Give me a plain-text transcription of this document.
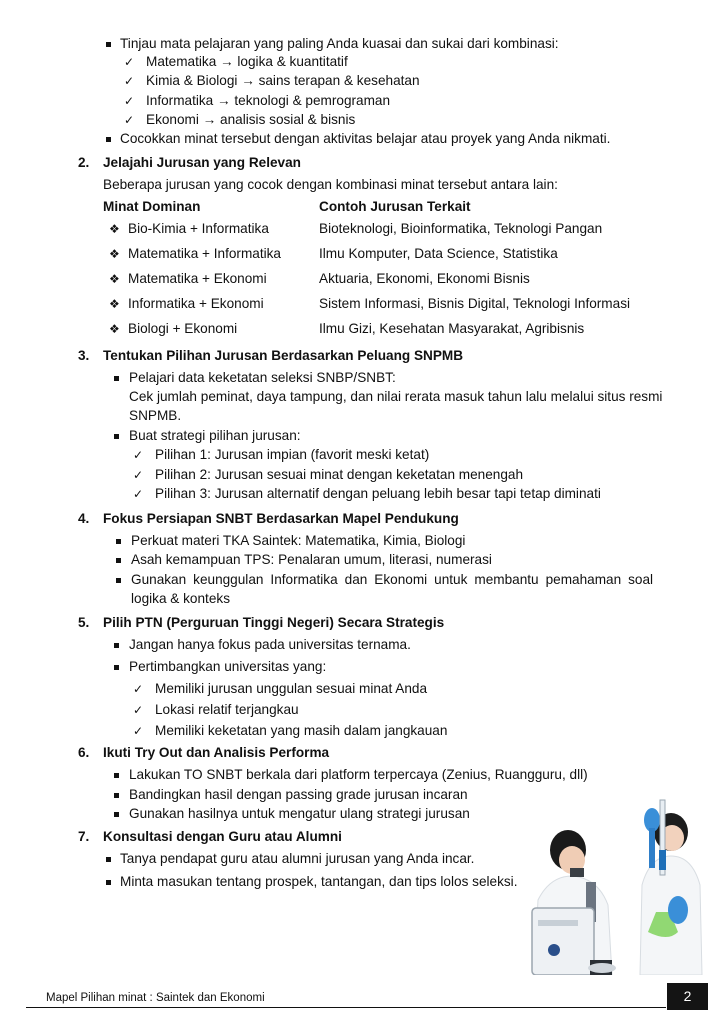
Tinjau mata pelajaran yang paling Anda kuasai dan sukai dari kombinasi:
✓ Matematika → logika & kuantitatif
✓ Kimia & Biologi → sains terapan & kesehatan
✓ Informatika → teknologi & pemrograman
✓ Ekonomi → analisis sosial & bisnis
Cocokkan minat tersebut dengan aktivitas belajar atau proyek yang Anda nikmati.
2. Jelajahi Jurusan yang Relevan
Beberapa jurusan yang cocok dengan kombinasi minat tersebut antara lain:
Minat Dominan	Contoh Jurusan Terkait
❖ Bio-Kimia + Informatika	Bioteknologi, Bioinformatika, Teknologi Pangan
❖ Matematika + Informatika	Ilmu Komputer, Data Science, Statistika
❖ Matematika + Ekonomi	Aktuaria, Ekonomi, Ekonomi Bisnis
❖ Informatika + Ekonomi	Sistem Informasi, Bisnis Digital, Teknologi Informasi
❖ Biologi + Ekonomi	Ilmu Gizi, Kesehatan Masyarakat, Agribisnis
3. Tentukan Pilihan Jurusan Berdasarkan Peluang SNPMB
Pelajari data keketatan seleksi SNBP/SNBT:
Cek jumlah peminat, daya tampung, dan nilai rerata masuk tahun lalu melalui situs resmi
SNPMB.
Buat strategi pilihan jurusan:
✓ Pilihan 1: Jurusan impian (favorit meski ketat)
✓ Pilihan 2: Jurusan sesuai minat dengan keketatan menengah
✓ Pilihan 3: Jurusan alternatif dengan peluang lebih besar tapi tetap diminati
4. Fokus Persiapan SNBT Berdasarkan Mapel Pendukung
Perkuat materi TKA Saintek: Matematika, Kimia, Biologi
Asah kemampuan TPS: Penalaran umum, literasi, numerasi
Gunakan keunggulan Informatika dan Ekonomi untuk membantu pemahaman soal
logika & konteks
5. Pilih PTN (Perguruan Tinggi Negeri) Secara Strategis
Jangan hanya fokus pada universitas ternama.
Pertimbangkan universitas yang:
✓ Memiliki jurusan unggulan sesuai minat Anda
✓ Lokasi relatif terjangkau
✓ Memiliki keketatan yang masih dalam jangkauan
6. Ikuti Try Out dan Analisis Performa
Lakukan TO SNBT berkala dari platform terpercaya (Zenius, Ruangguru, dll)
Bandingkan hasil dengan passing grade jurusan incaran
Gunakan hasilnya untuk mengatur ulang strategi jurusan
7. Konsultasi dengan Guru atau Alumni
Tanya pendapat guru atau alumni jurusan yang Anda incar.
Minta masukan tentang prospek, tantangan, dan tips lolos seleksi.
Mapel Pilihan minat : Saintek dan Ekonomi	2
